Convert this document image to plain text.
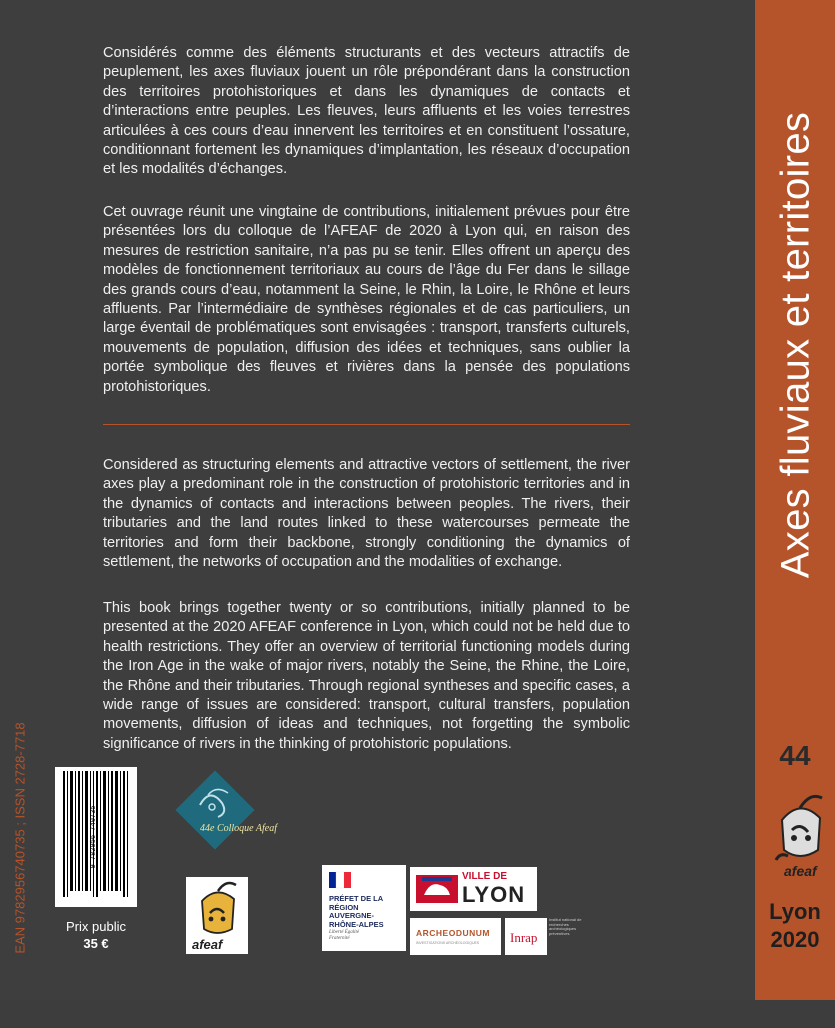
Considérés comme des éléments structurants et des vecteurs attractifs de peuplement, les axes fluviaux jouent un rôle prépondérant dans la construction des territoires protohistoriques et dans les dynamiques de contacts et d’interactions entre peuples. Les fleuves, leurs affluents et les voies terrestres articulées à ces cours d’eau innervent les territoires et en constituent l’ossature, conditionnant fortement les dynamiques d’implantation, les réseaux d’occupation et les modalités d’échanges.

Cet ouvrage réunit une vingtaine de contributions, initialement prévues pour être présentées lors du colloque de l’AFEAF de 2020 à Lyon qui, en raison des mesures de restriction sanitaire, n’a pas pu se tenir. Elles offrent un aperçu des modèles de fonctionnement territoriaux au cours de l’âge du Fer dans le sillage des grands cours d’eau, notamment la Seine, le Rhin, la Loire, le Rhône et leurs affluents. Par l’intermédiaire de synthèses régionales et de cas particuliers, un large éventail de problématiques sont envisagées : transport, transferts culturels, mouvements de population, diffusion des idées et techniques, sans oublier la portée symbolique des fleuves et rivières dans la pensée des populations protohistoriques.

Considered as structuring elements and attractive vectors of settlement, the river axes play a predominant role in the construction of protohistoric territories and in the dynamics of contacts and interactions between peoples. The rivers, their tributaries and the land routes linked to these watercourses permeate the territories and form their backbone, strongly conditioning the dynamics of settlement, the networks of occupation and the modalities of exchange.

This book brings together twenty or so contributions, initially planned to be presented at the 2020 AFEAF conference in Lyon, which could not be held due to health restrictions. They offer an overview of territorial functioning models during the Iron Age in the wake of major rivers, notably the Seine, the Rhine, the Loire, the Rhône and their tributaries. Through regional syntheses and specific cases, a wide range of issues are considered: transport, cultural transfers, population movements, diffusion of ideas and techniques, not forgetting the symbolic significance of rivers in the thinking of protohistoric populations.

Axes fluviaux et territoires
44
afeaf
Lyon
2020
EAN 9782956740735 ; ISSN 2728-7718	9 782956 740735
Prix public
35 €
44e Colloque Afeaf
afeaf
PRÉFET DE LA RÉGION AUVERGNE-RHÔNE-ALPES
Liberté Égalité Fraternité
VILLE DE
LYON
ARCHEODUNUM
INVESTIGATIONS ARCHÉOLOGIQUES Inrap
Institut national de recherches archéologiques préventives
